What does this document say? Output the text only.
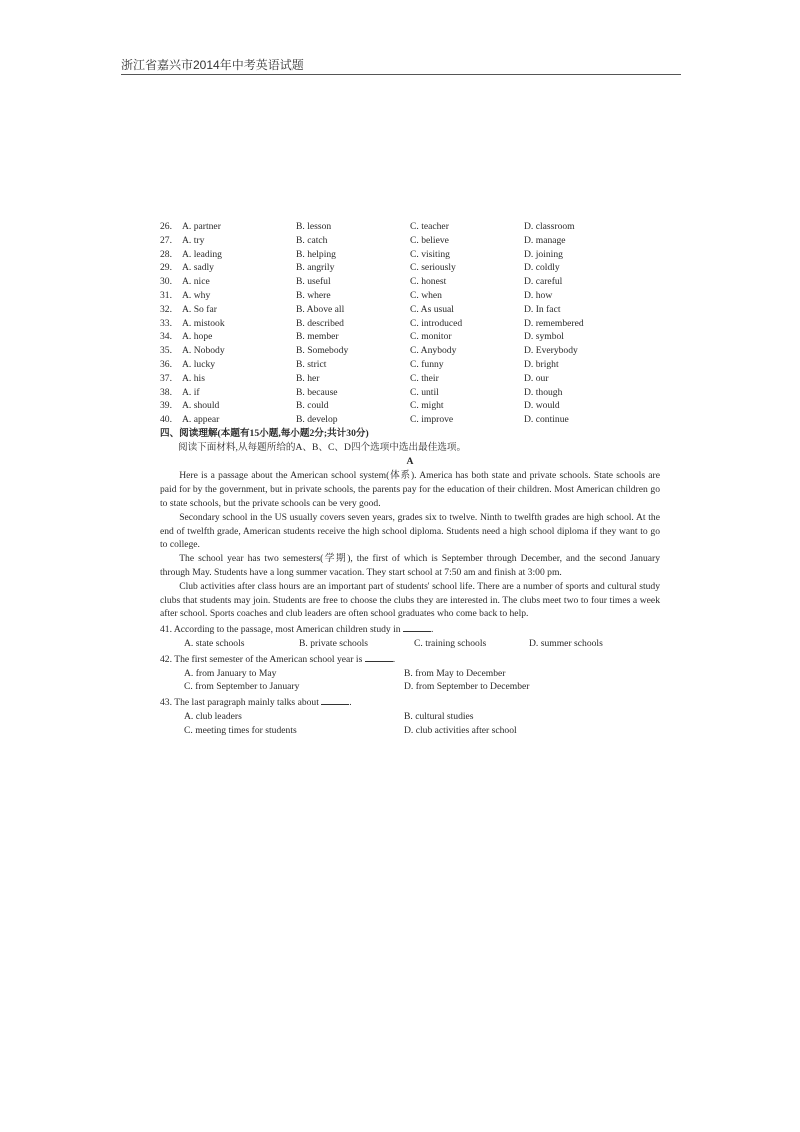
浙江省嘉兴市2014年中考英语试题
26.	A. partner	B. lesson	C. teacher	D. classroom
27.	A. try	B. catch	C. believe	D. manage
28.	A. leading	B. helping	C. visiting	D. joining
29.	A. sadly	B. angrily	C. seriously	D. coldly
30.	A. nice	B. useful	C. honest	D. careful
31.	A. why	B. where	C. when	D. how
32.	A. So far	B. Above all	C. As usual	D. In fact
33.	A. mistook	B. described	C. introduced	D. remembered
34.	A. hope	B. member	C. monitor	D. symbol
35.	A. Nobody	B. Somebody	C. Anybody	D. Everybody
36.	A. lucky	B. strict	C. funny	D. bright
37.	A. his	B. her	C. their	D. our
38.	A. if	B. because	C. until	D. though
39.	A. should	B. could	C. might	D. would
40.	A. appear	B. develop	C. improve	D. continue
四、阅读理解(本题有15小题,每小题2分;共计30分)
阅读下面材料,从每题所给的A、B、C、D四个选项中选出最佳选项。
A

Here is a passage about the American school system(体系). America has both state and private schools. State schools are paid for by the government, but in private schools, the parents pay for the education of their children. Most American children go to state schools, but the private schools can be very good.

Secondary school in the US usually covers seven years, grades six to twelve. Ninth to twelfth grades are high school. At the end of twelfth grade, American students receive the high school diploma. Students need a high school diploma if they want to go to college.

The school year has two semesters(学期), the first of which is September through December, and the second January through May. Students have a long summer vacation. They start school at 7:50 am and finish at 3:00 pm.

Club activities after class hours are an important part of students' school life. There are a number of sports and cultural study clubs that students may join. Students are free to choose the clubs they are interested in. The clubs meet two to four times a week after school. Sports coaches and club leaders are often school graduates who come back to help.

41. According to the passage, most American children study in	.
A. state schools	B. private schools	C. training schools	D. summer schools
42. The first semester of the American school year is	.
A. from January to May	B. from May to December
C. from September to January	D. from September to December
43. The last paragraph mainly talks about	.
A. club leaders	B. cultural studies
C. meeting times for students	D. club activities after school
